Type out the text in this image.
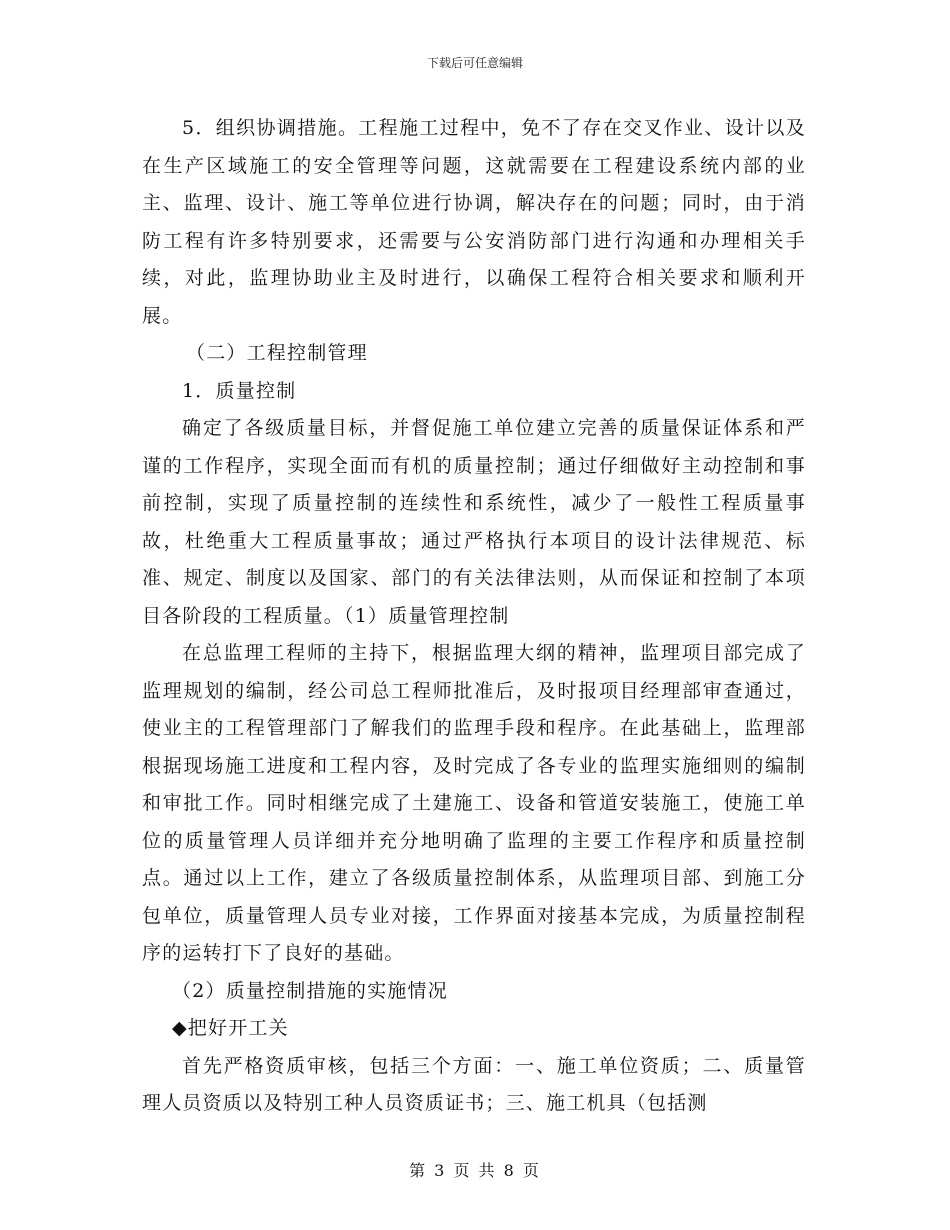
下载后可任意编辑

5．组织协调措施。工程施工过程中，免不了存在交叉作业、设计以及在生产区域施工的安全管理等问题，这就需要在工程建设系统内部的业主、监理、设计、施工等单位进行协调，解决存在的问题；同时，由于消防工程有许多特别要求，还需要与公安消防部门进行沟通和办理相关手续，对此，监理协助业主及时进行，以确保工程符合相关要求和顺利开展。

（二）工程控制管理

1．质量控制

确定了各级质量目标，并督促施工单位建立完善的质量保证体系和严谨的工作程序，实现全面而有机的质量控制；通过仔细做好主动控制和事前控制，实现了质量控制的连续性和系统性，减少了一般性工程质量事故，杜绝重大工程质量事故；通过严格执行本项目的设计法律规范、标准、规定、制度以及国家、部门的有关法律法则，从而保证和控制了本项目各阶段的工程质量。（1）质量管理控制

在总监理工程师的主持下，根据监理大纲的精神，监理项目部完成了监理规划的编制，经公司总工程师批准后，及时报项目经理部审查通过，使业主的工程管理部门了解我们的监理手段和程序。在此基础上，监理部根据现场施工进度和工程内容，及时完成了各专业的监理实施细则的编制和审批工作。同时相继完成了土建施工、设备和管道安装施工，使施工单位的质量管理人员详细并充分地明确了监理的主要工作程序和质量控制点。通过以上工作，建立了各级质量控制体系，从监理项目部、到施工分包单位，质量管理人员专业对接，工作界面对接基本完成，为质量控制程序的运转打下了良好的基础。

（2）质量控制措施的实施情况

◆把好开工关

首先严格资质审核，包括三个方面：一、施工单位资质；二、质量管理人员资质以及特别工种人员资质证书；三、施工机具（包括测

第 3 页 共 8 页
